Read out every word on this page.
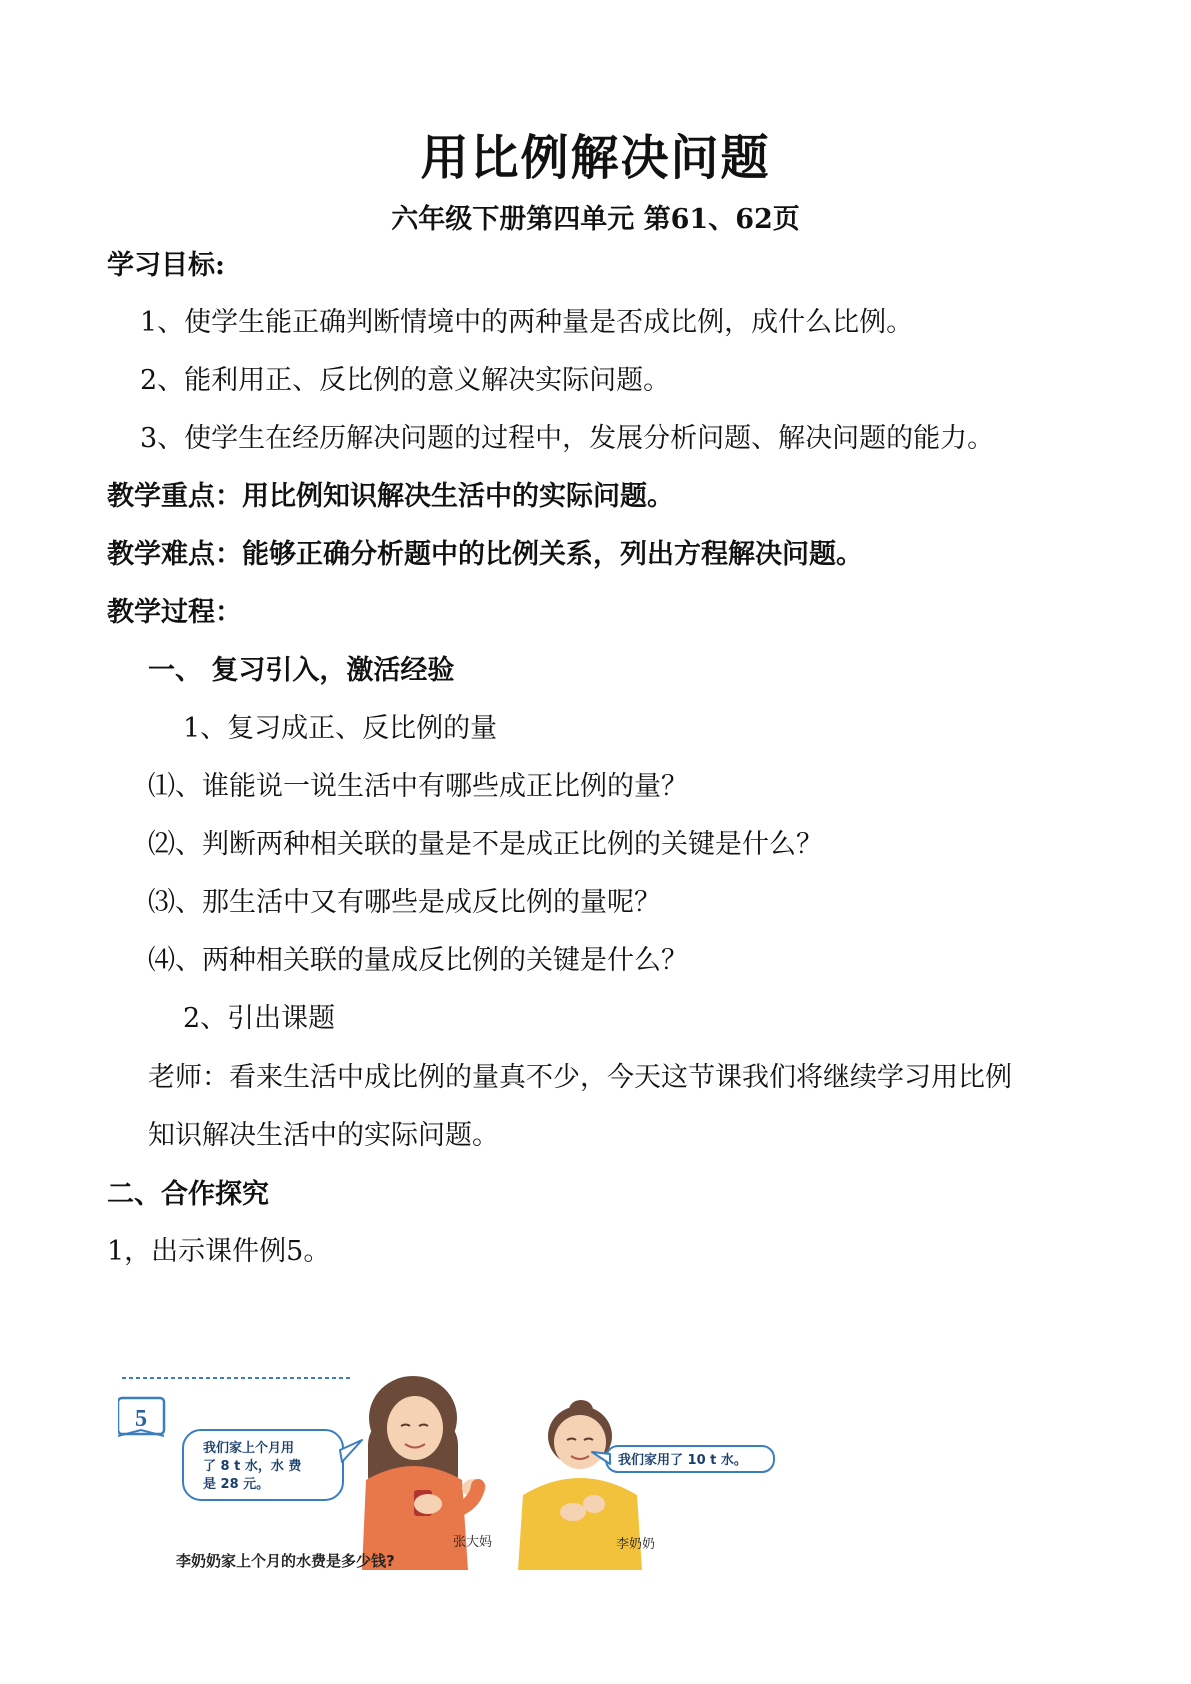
用比例解决问题
六年级下册第四单元 第61、62页
学习目标:
1、使学生能正确判断情境中的两种量是否成比例，成什么比例。
2、能利用正、反比例的意义解决实际问题。
3、使学生在经历解决问题的过程中，发展分析问题、解决问题的能力。
教学重点：用比例知识解决生活中的实际问题。
教学难点：能够正确分析题中的比例关系，列出方程解决问题。
教学过程：
一、 复习引入，激活经验
1、复习成正、反比例的量
⑴、谁能说一说生活中有哪些成正比例的量？
⑵、判断两种相关联的量是不是成正比例的关键是什么？
⑶、那生活中又有哪些是成反比例的量呢？
⑷、两种相关联的量成反比例的关键是什么？
2、引出课题
老师：看来生活中成比例的量真不少，今天这节课我们将继续学习用比例
知识解决生活中的实际问题。
二、合作探究
1，出示课件例5。
5
我们家上个月用
了 8 t 水，水 费
是 28 元。
张大妈	李奶奶
我们家用了 10 t 水。
李奶奶家上个月的水费是多少钱?
